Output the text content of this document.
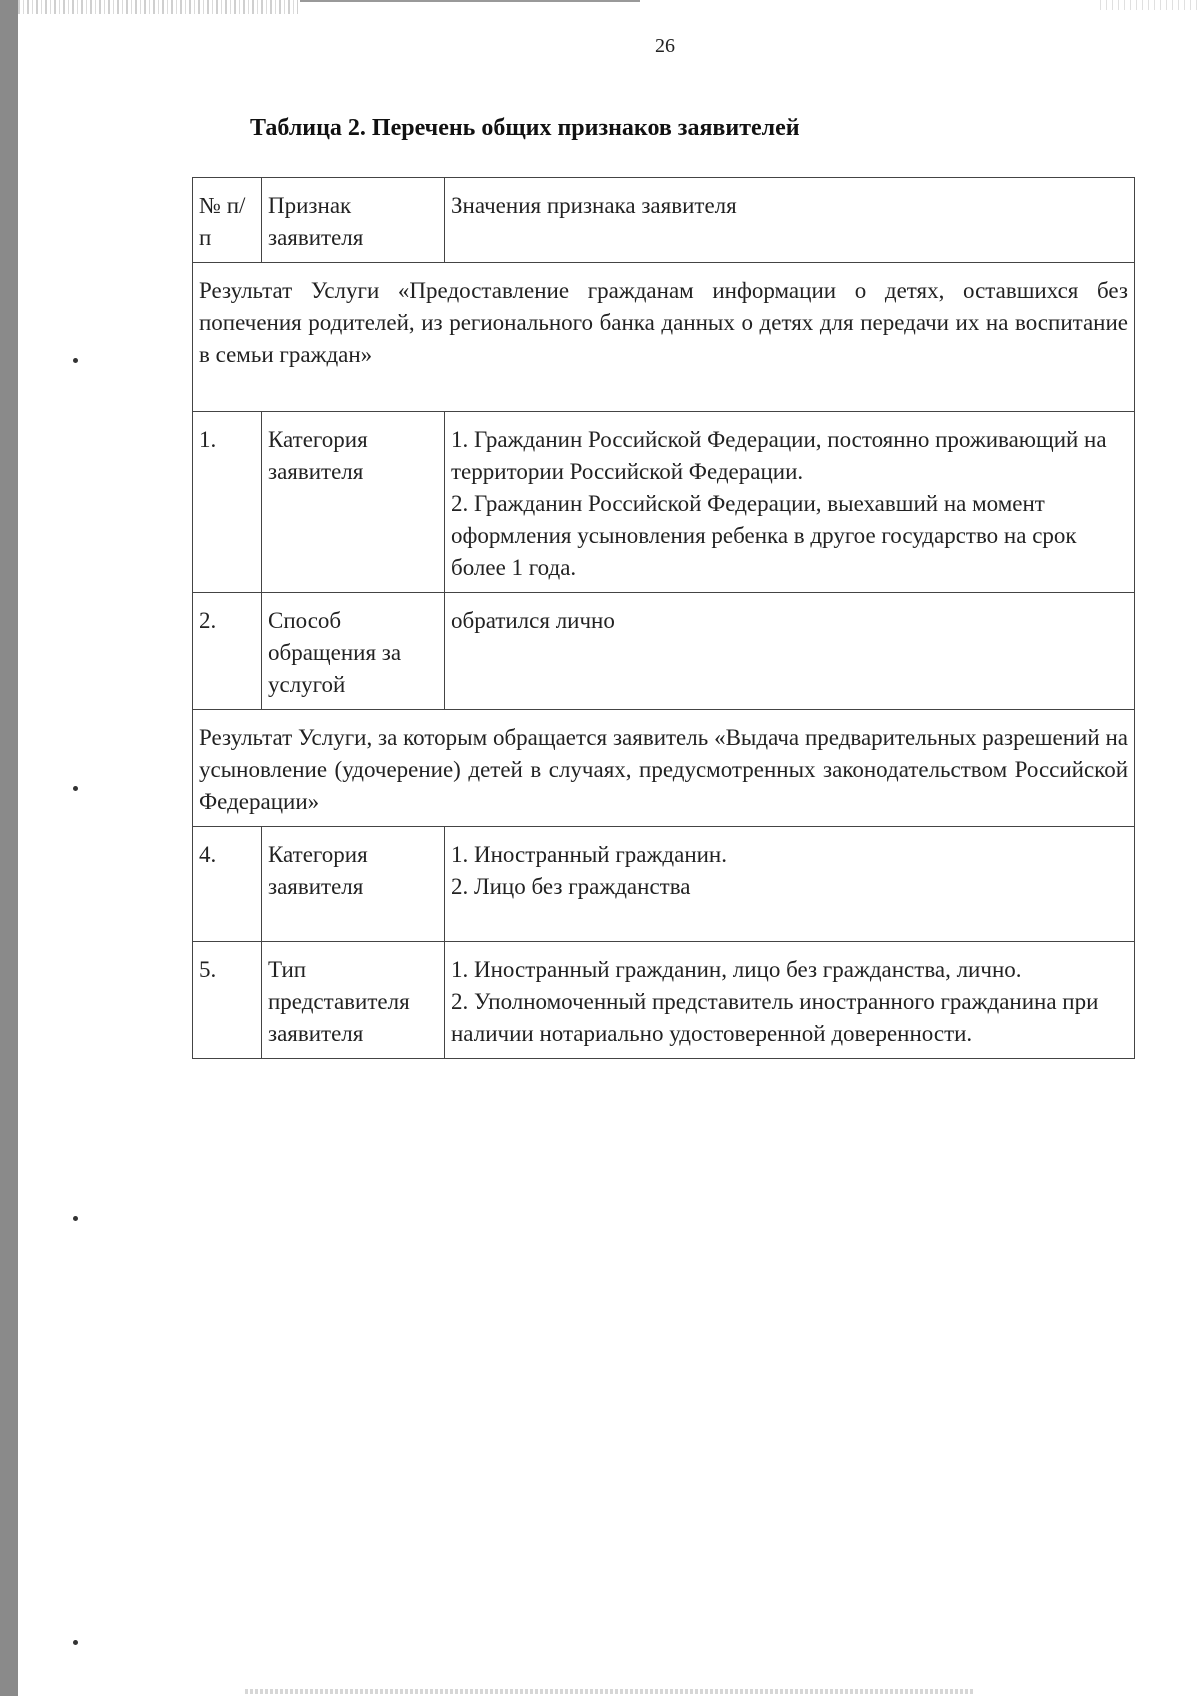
26
Таблица 2. Перечень общих признаков заявителей
№ п/п	Признак заявителя	Значения признака заявителя
Результат Услуги «Предоставление гражданам информации о детях, оставшихся без попечения родителей, из регионального банка данных о детях для передачи их на воспитание в семьи граждан»		
1.	Категория заявителя	1. Гражданин Российской Федерации, постоянно проживающий на территории Российской Федерации.
2. Гражданин Российской Федерации, выехавший на момент оформления усыновления ребенка в другое государство на срок более 1 года.

2.	Способ обращения за услугой	обратился лично

Результат Услуги, за которым обращается заявитель «Выдача предварительных разрешений на усыновление (удочерение) детей в случаях, предусмотренных законодательством Российской Федерации»		
4.	Категория заявителя	1. Иностранный гражданин.
2. Лицо без гражданства

5.	Тип представителя заявителя	1. Иностранный гражданин, лицо без гражданства, лично.
2. Уполномоченный представитель иностранного гражданина при наличии нотариально удостоверенной доверенности.
